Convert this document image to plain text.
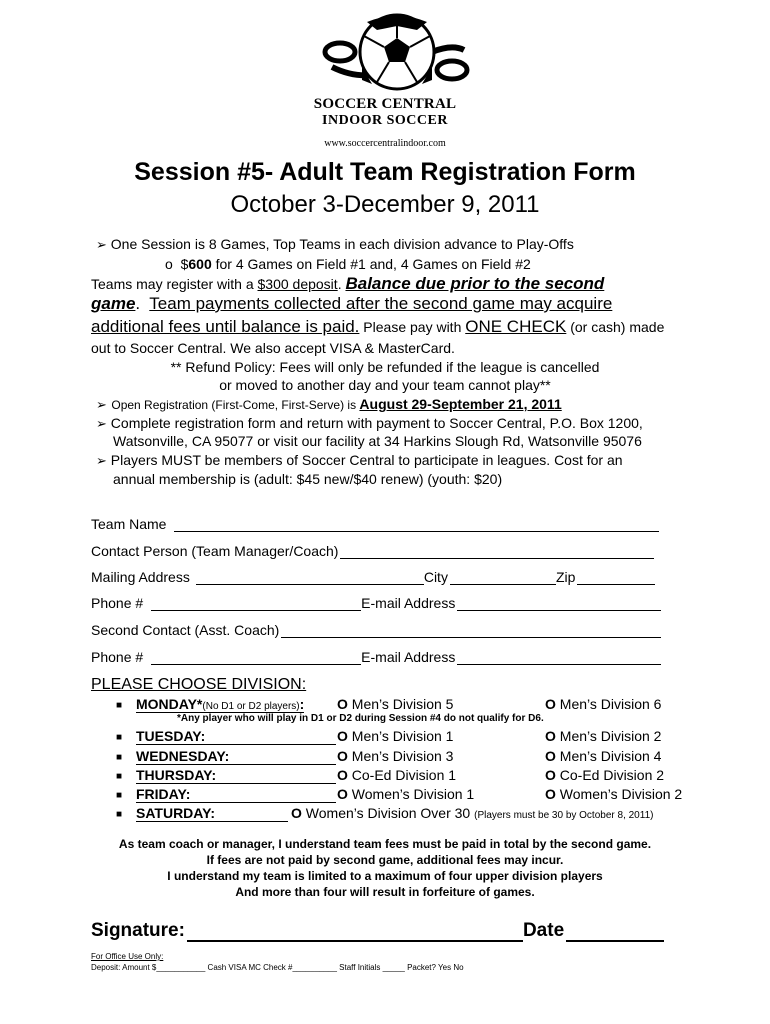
SOCCER CENTRAL
INDOOR SOCCER
www.soccercentralindoor.com
Session #5- Adult Team Registration Form
October 3-December 9, 2011
➢ One Session is 8 Games, Top Teams in each division advance to Play-Offs
o $600 for 4 Games on Field #1 and, 4 Games on Field #2
Teams may register with a $300 deposit. Balance due prior to the second
game.  Team payments collected after the second game may acquire
additional fees until balance is paid. Please pay with ONE CHECK (or cash) made
out to Soccer Central. We also accept VISA & MasterCard.
** Refund Policy: Fees will only be refunded if the league is cancelled
or moved to another day and your team cannot play**
➢ Open Registration (First-Come, First-Serve) is August 29-September 21, 2011
➢ Complete registration form and return with payment to Soccer Central, P.O. Box 1200,
Watsonville, CA 95077 or visit our facility at 34 Harkins Slough Rd, Watsonville 95076
➢ Players MUST be members of Soccer Central to participate in leagues. Cost for an
annual membership is (adult: $45 new/$40 renew) (youth: $20)
Team Name
Contact Person (Team Manager/Coach)
Mailing Address	City	Zip
Phone #	E-mail Address
Second Contact (Asst. Coach)
Phone #	E-mail Address
PLEASE CHOOSE DIVISION:
■ MONDAY*(No D1 or D2 players): O Men’s Division 5	O Men’s Division 6
*Any player who will play in D1 or D2 during Session #4 do not qualify for D6.
■ TUESDAY:	O Men’s Division 1	O Men’s Division 2
■ WEDNESDAY:	O Men’s Division 3	O Men’s Division 4
■ THURSDAY:	O Co-Ed Division 1	O Co-Ed Division 2
■ FRIDAY:	O Women’s Division 1	O Women’s Division 2
■ SATURDAY:	O Women’s Division Over 30 (Players must be 30 by October 8, 2011)
As team coach or manager, I understand team fees must be paid in total by the second game.
If fees are not paid by second game, additional fees may incur.
I understand my team is limited to a maximum of four upper division players
And more than four will result in forfeiture of games.
Signature:	Date
For Office Use Only:
Deposit: Amount $___________ Cash VISA MC Check #__________ Staff Initials _____ Packet? Yes No
